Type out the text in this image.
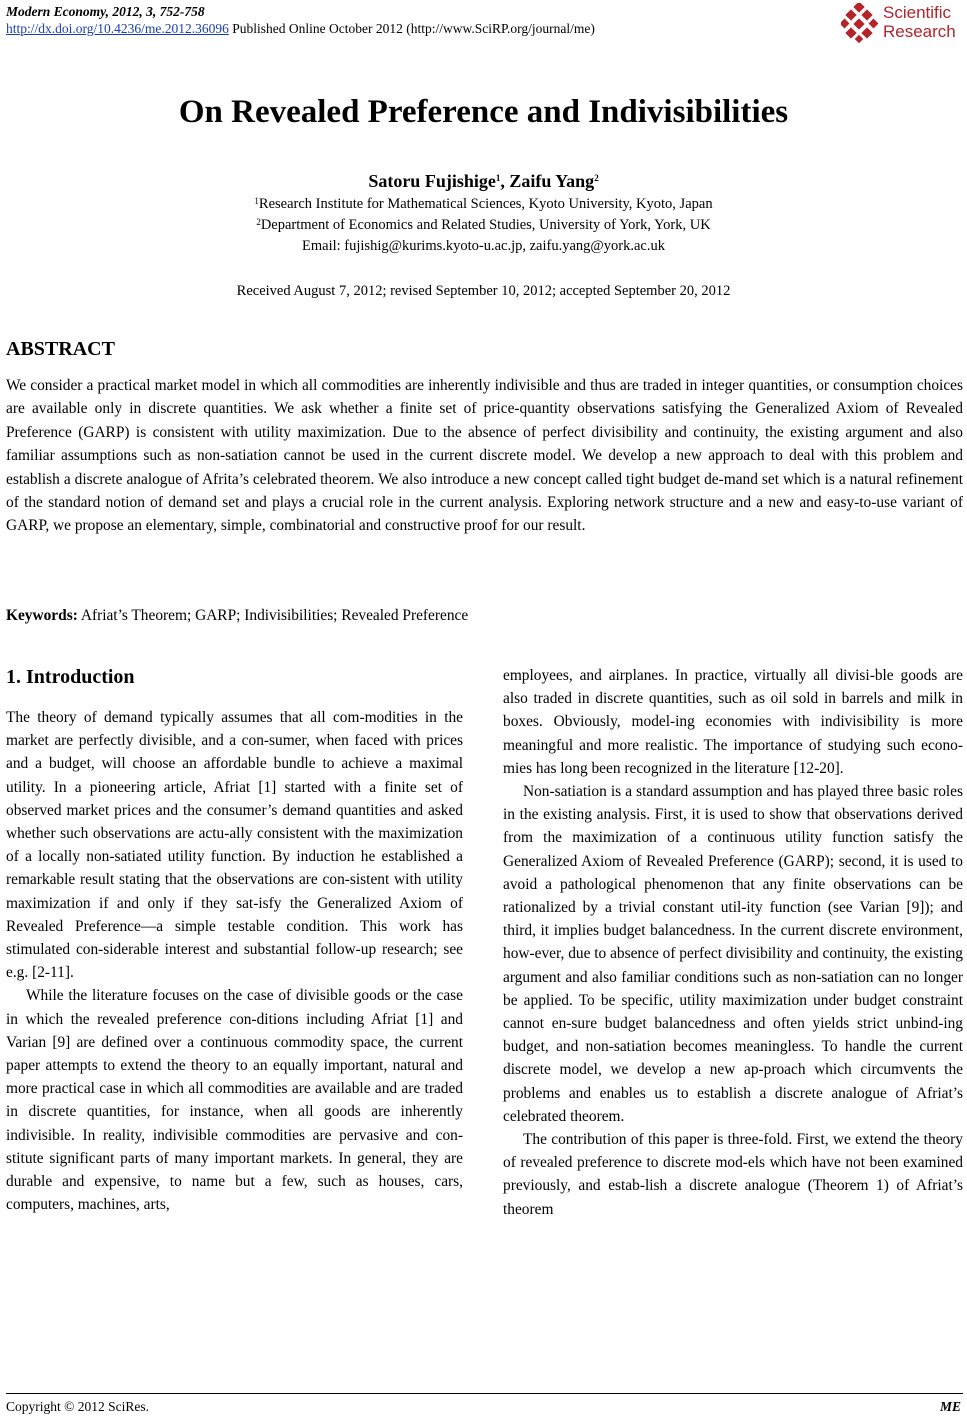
Modern Economy, 2012, 3, 752-758
http://dx.doi.org/10.4236/me.2012.36096 Published Online October 2012 (http://www.SciRP.org/journal/me)
Scientific
Research
On Revealed Preference and Indivisibilities
Satoru Fujishige$^1$, Zaifu Yang$^2$
$^1$Research Institute for Mathematical Sciences, Kyoto University, Kyoto, Japan
$^2$Department of Economics and Related Studies, University of York, York, UK
Email: fujishig@kurims.kyoto-u.ac.jp, zaifu.yang@york.ac.uk
Received August 7, 2012; revised September 10, 2012; accepted September 20, 2012
ABSTRACT
We consider a practical market model in which all commodities are inherently indivisible and thus are traded in integer quantities, or consumption choices are available only in discrete quantities. We ask whether a finite set of price-quantity observations satisfying the Generalized Axiom of Revealed Preference (GARP) is consistent with utility maximization. Due to the absence of perfect divisibility and continuity, the existing argument and also familiar assumptions such as non-satiation cannot be used in the current discrete model. We develop a new approach to deal with this problem and establish a discrete analogue of Afrita’s celebrated theorem. We also introduce a new concept called tight budget de-mand set which is a natural refinement of the standard notion of demand set and plays a crucial role in the current analysis. Exploring network structure and a new and easy-to-use variant of GARP, we propose an elementary, simple, combinatorial and constructive proof for our result.
Keywords: Afriat’s Theorem; GARP; Indivisibilities; Revealed Preference
1. Introduction

The theory of demand typically assumes that all com-modities in the market are perfectly divisible, and a con-sumer, when faced with prices and a budget, will choose an affordable bundle to achieve a maximal utility. In a pioneering article, Afriat [1] started with a finite set of observed market prices and the consumer’s demand quantities and asked whether such observations are actu-ally consistent with the maximization of a locally non-satiated utility function. By induction he established a remarkable result stating that the observations are con-sistent with utility maximization if and only if they sat-isfy the Generalized Axiom of Revealed Preference—a simple testable condition. This work has stimulated con-siderable interest and substantial follow-up research; see e.g. [2-11].

While the literature focuses on the case of divisible goods or the case in which the revealed preference con-ditions including Afriat [1] and Varian [9] are defined over a continuous commodity space, the current paper attempts to extend the theory to an equally important, natural and more practical case in which all commodities are available and are traded in discrete quantities, for instance, when all goods are inherently indivisible. In reality, indivisible commodities are pervasive and con-stitute significant parts of many important markets. In general, they are durable and expensive, to name but a few, such as houses, cars, computers, machines, arts,

employees, and airplanes. In practice, virtually all divisi-ble goods are also traded in discrete quantities, such as oil sold in barrels and milk in boxes. Obviously, model-ing economies with indivisibility is more meaningful and more realistic. The importance of studying such econo-mies has long been recognized in the literature [12-20].

Non-satiation is a standard assumption and has played three basic roles in the existing analysis. First, it is used to show that observations derived from the maximization of a continuous utility function satisfy the Generalized Axiom of Revealed Preference (GARP); second, it is used to avoid a pathological phenomenon that any finite observations can be rationalized by a trivial constant util-ity function (see Varian [9]); and third, it implies budget balancedness. In the current discrete environment, how-ever, due to absence of perfect divisibility and continuity, the existing argument and also familiar conditions such as non-satiation can no longer be applied. To be specific, utility maximization under budget constraint cannot en-sure budget balancedness and often yields strict unbind-ing budget, and non-satiation becomes meaningless. To handle the current discrete model, we develop a new ap-proach which circumvents the problems and enables us to establish a discrete analogue of Afriat’s celebrated theorem.

The contribution of this paper is three-fold. First, we extend the theory of revealed preference to discrete mod-els which have not been examined previously, and estab-lish a discrete analogue (Theorem 1) of Afriat’s theorem

Copyright © 2012 SciRes.	ME
